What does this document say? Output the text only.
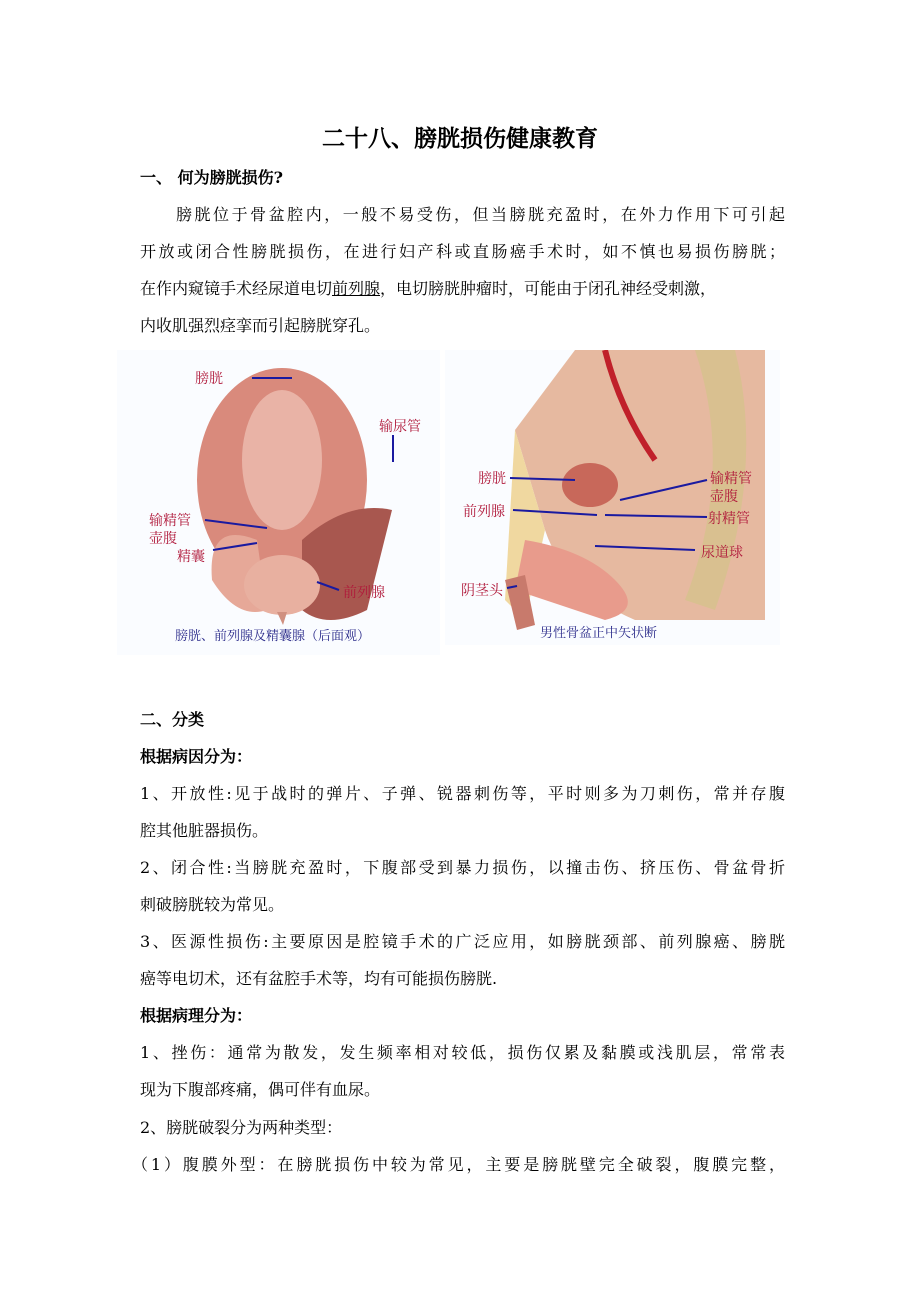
二十八、膀胱损伤健康教育
一、 何为膀胱损伤?
膀胱位于骨盆腔内，一般不易受伤，但当膀胱充盈时，在外力作用下可引起
开放或闭合性膀胱损伤，在进行妇产科或直肠癌手术时，如不慎也易损伤膀胱；
在作内窥镜手术经尿道电切前列腺，电切膀胱肿瘤时，可能由于闭孔神经受刺激，
内收肌强烈痉挛而引起膀胱穿孔。
膀胱
输尿管
输精管
壶腹
精囊
前列腺
膀胱、前列腺及精囊腺（后面观）
膀胱
前列腺
阴茎头
输精管
壶腹
射精管
尿道球
男性骨盆正中矢状断
二、分类
根据病因分为：
1、开放性:见于战时的弹片、子弹、锐器刺伤等，平时则多为刀刺伤，常并存腹
腔其他脏器损伤。
2、闭合性:当膀胱充盈时，下腹部受到暴力损伤，以撞击伤、挤压伤、骨盆骨折
刺破膀胱较为常见。
3、医源性损伤:主要原因是腔镜手术的广泛应用，如膀胱颈部、前列腺癌、膀胱
癌等电切术，还有盆腔手术等，均有可能损伤膀胱.
根据病理分为：
1、挫伤：通常为散发，发生频率相对较低，损伤仅累及黏膜或浅肌层，常常表
现为下腹部疼痛，偶可伴有血尿。
2、膀胱破裂分为两种类型：
（1）腹膜外型：在膀胱损伤中较为常见，主要是膀胱壁完全破裂，腹膜完整，
